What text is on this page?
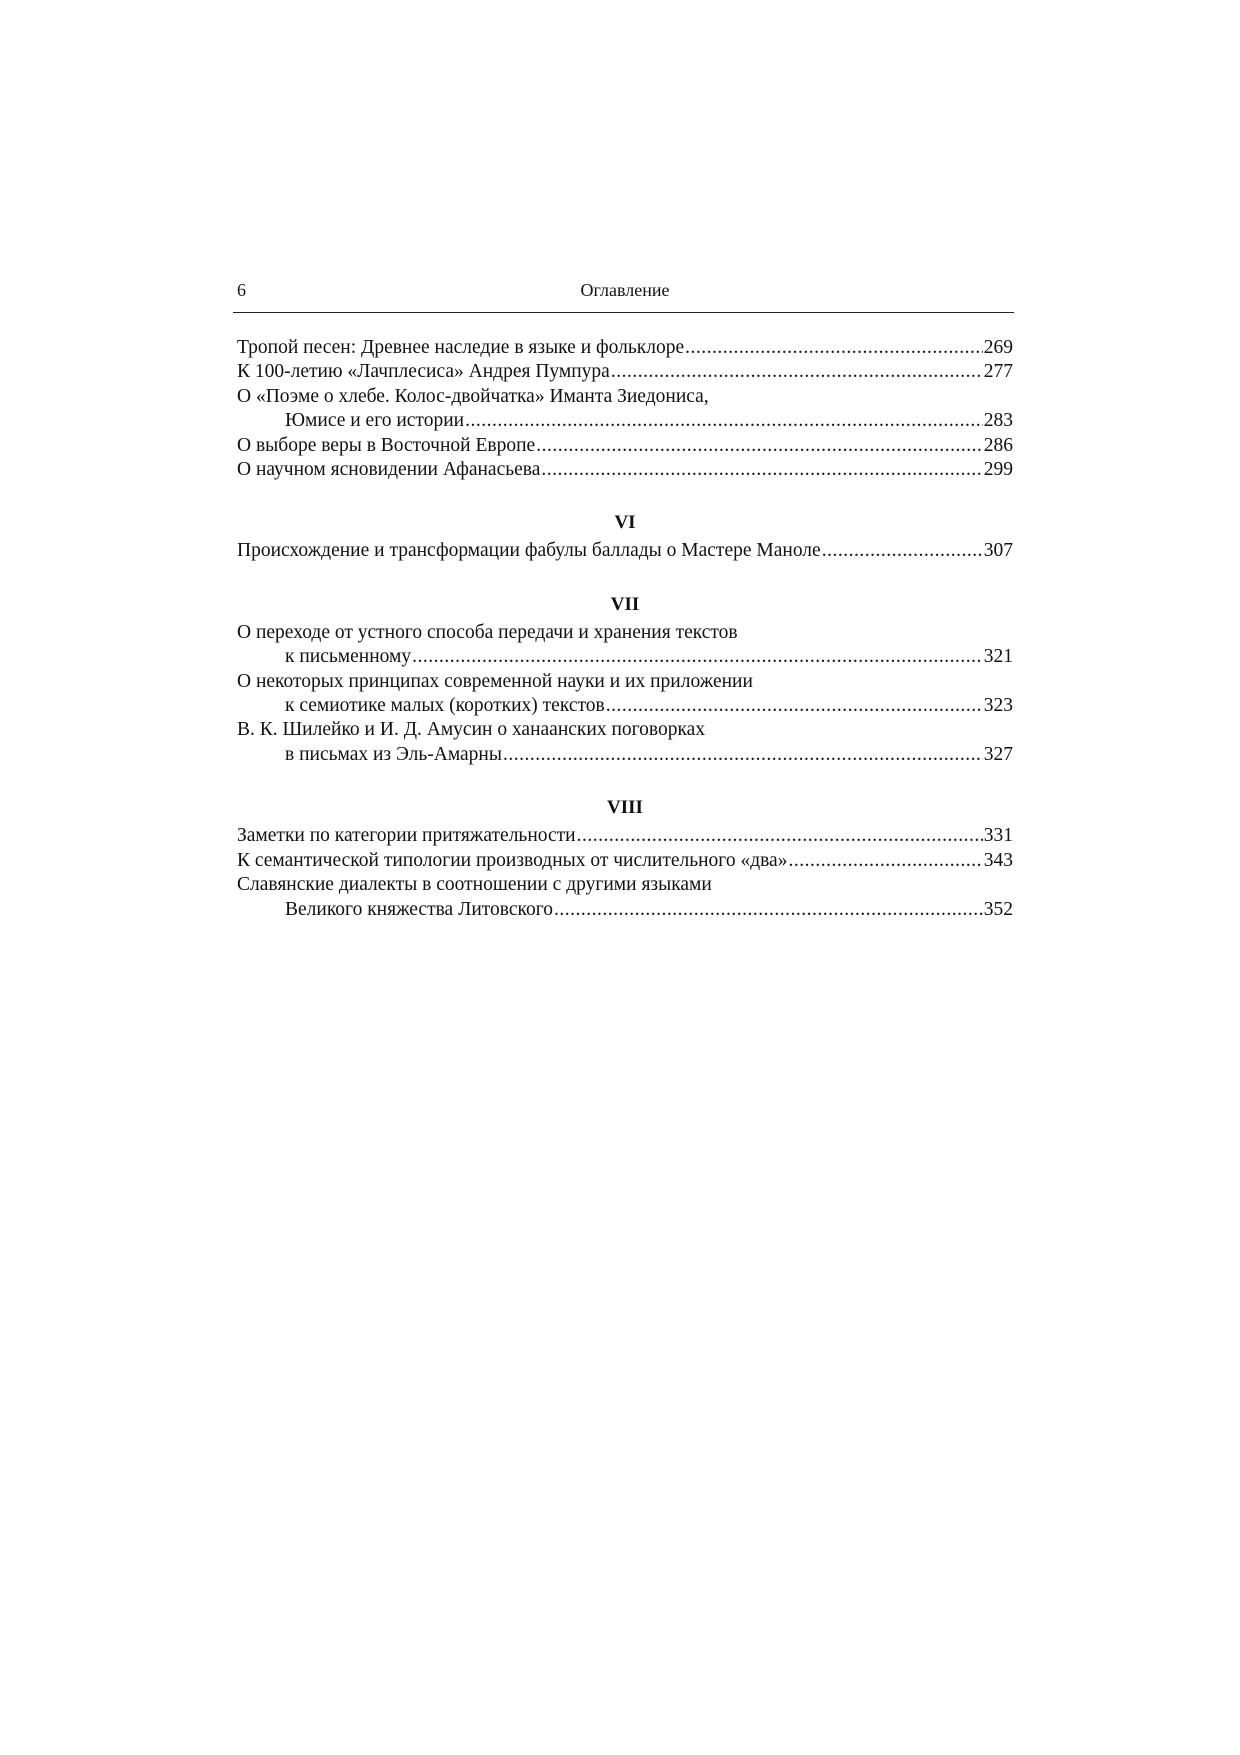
6	Оглавление
Тропой песен: Древнее наследие в языке и фольклоре .....	269
К 100-летию «Лачплесиса» Андрея Пумпура .....	277
О «Поэме о хлебе. Колос-двойчатка» Иманта Зиедониса,
Юмисе и его истории .....	283
О выборе веры в Восточной Европе .....	286
О научном ясновидении Афанасьева .....	299
VI
Происхождение и трансформации фабулы баллады о Мастере Маноле .....	307
VII
О переходе от устного способа передачи и хранения текстов
к письменному .....	321
О некоторых принципах современной науки и их приложении
к семиотике малых (коротких) текстов .....	323
В. К. Шилейко и И. Д. Амусин о ханаанских поговорках
в письмах из Эль-Амарны .....	327
VIII
Заметки по категории притяжательности .....	331
К семантической типологии производных от числительного «два» .....	343
Славянские диалекты в соотношении с другими языками
Великого княжества Литовского .....	352
